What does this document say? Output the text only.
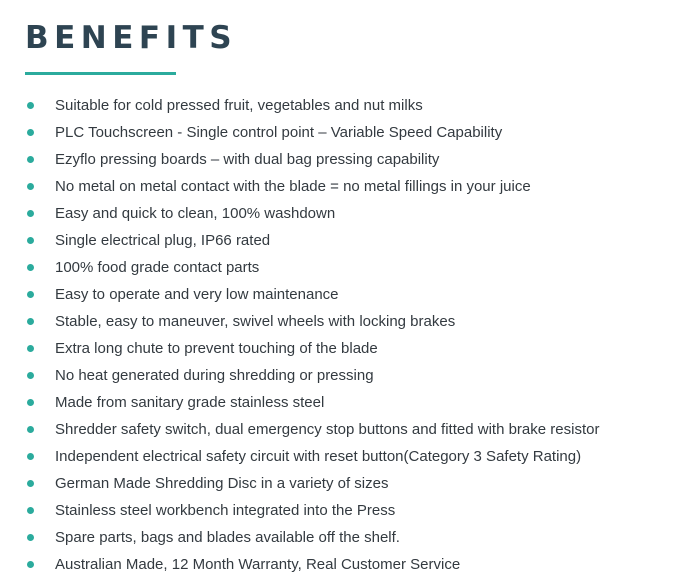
BENEFITS
Suitable for cold pressed fruit, vegetables and nut milks
PLC Touchscreen - Single control point – Variable Speed Capability
Ezyflo pressing boards – with dual bag pressing capability
No metal on metal contact with the blade = no metal fillings in your juice
Easy and quick to clean, 100% washdown
Single electrical plug, IP66 rated
100% food grade contact parts
Easy to operate and very low maintenance
Stable, easy to maneuver, swivel wheels with locking brakes
Extra long chute to prevent touching of the blade
No heat generated during shredding or pressing
Made from sanitary grade stainless steel
Shredder safety switch, dual emergency stop buttons and fitted with brake resistor
Independent electrical safety circuit with reset button(Category 3 Safety Rating)
German Made Shredding Disc in a variety of sizes
Stainless steel workbench integrated into the Press
Spare parts, bags and blades available off the shelf.
Australian Made, 12 Month Warranty, Real Customer Service
